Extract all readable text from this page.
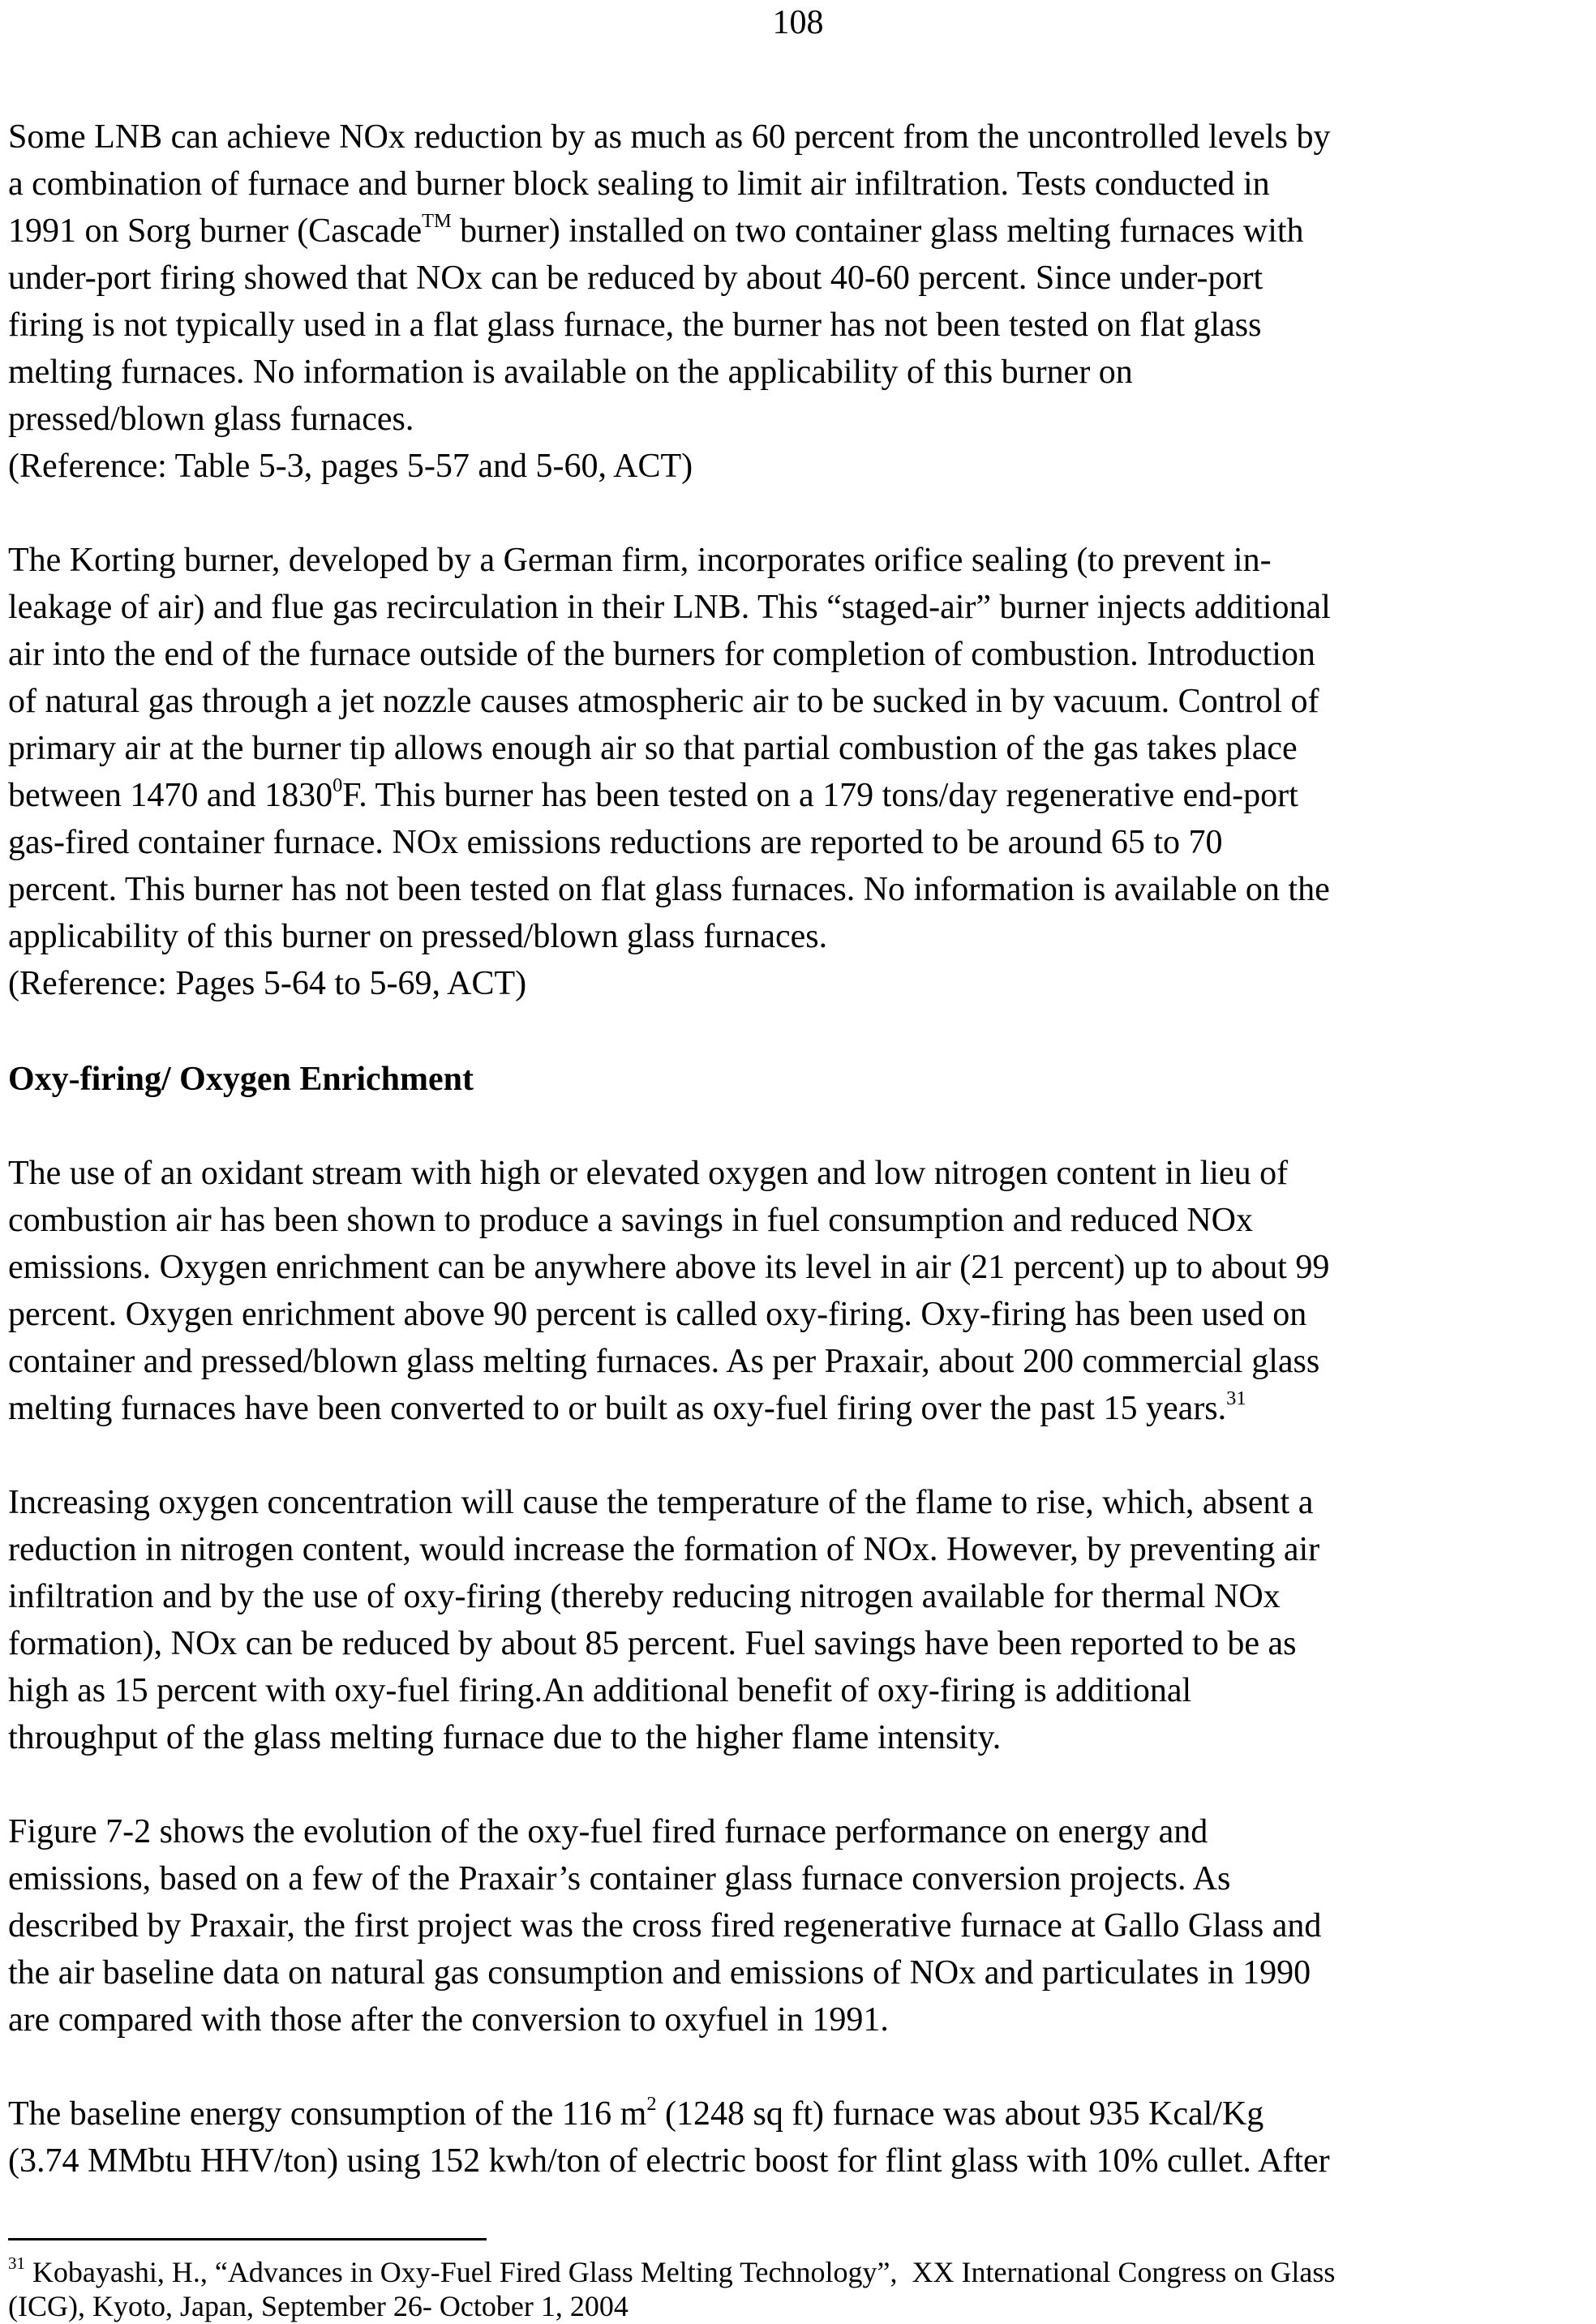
108
Some LNB can achieve NOx reduction by as much as 60 percent from the uncontrolled levels by
a combination of furnace and burner block sealing to limit air infiltration. Tests conducted in
1991 on Sorg burner (Cascade™ burner) installed on two container glass melting furnaces with
under-port firing showed that NOx can be reduced by about 40-60 percent. Since under-port
firing is not typically used in a flat glass furnace, the burner has not been tested on flat glass
melting furnaces. No information is available on the applicability of this burner on
pressed/blown glass furnaces.
(Reference: Table 5-3, pages 5-57 and 5-60, ACT)
The Korting burner, developed by a German firm, incorporates orifice sealing (to prevent in-
leakage of air) and flue gas recirculation in their LNB. This “staged-air” burner injects additional
air into the end of the furnace outside of the burners for completion of combustion. Introduction
of natural gas through a jet nozzle causes atmospheric air to be sucked in by vacuum. Control of
primary air at the burner tip allows enough air so that partial combustion of the gas takes place
between 1470 and 1830$^0$F. This burner has been tested on a 179 tons/day regenerative end-port
gas-fired container furnace. NOx emissions reductions are reported to be around 65 to 70
percent. This burner has not been tested on flat glass furnaces. No information is available on the
applicability of this burner on pressed/blown glass furnaces.
(Reference: Pages 5-64 to 5-69, ACT)
Oxy-firing/ Oxygen Enrichment
The use of an oxidant stream with high or elevated oxygen and low nitrogen content in lieu of
combustion air has been shown to produce a savings in fuel consumption and reduced NOx
emissions. Oxygen enrichment can be anywhere above its level in air (21 percent) up to about 99
percent. Oxygen enrichment above 90 percent is called oxy-firing. Oxy-firing has been used on
container and pressed/blown glass melting furnaces. As per Praxair, about 200 commercial glass
melting furnaces have been converted to or built as oxy-fuel firing over the past 15 years.$^{31}$
Increasing oxygen concentration will cause the temperature of the flame to rise, which, absent a
reduction in nitrogen content, would increase the formation of NOx. However, by preventing air
infiltration and by the use of oxy-firing (thereby reducing nitrogen available for thermal NOx
formation), NOx can be reduced by about 85 percent. Fuel savings have been reported to be as
high as 15 percent with oxy-fuel firing.An additional benefit of oxy-firing is additional
throughput of the glass melting furnace due to the higher flame intensity.
Figure 7-2 shows the evolution of the oxy-fuel fired furnace performance on energy and
emissions, based on a few of the Praxair’s container glass furnace conversion projects. As
described by Praxair, the first project was the cross fired regenerative furnace at Gallo Glass and
the air baseline data on natural gas consumption and emissions of NOx and particulates in 1990
are compared with those after the conversion to oxyfuel in 1991.
The baseline energy consumption of the 116 $m^2$ (1248 sq ft) furnace was about 935 Kcal/Kg
(3.74 MMbtu HHV/ton) using 152 kwh/ton of electric boost for flint glass with 10% cullet. After
$^{31}$ Kobayashi, H., “Advances in Oxy-Fuel Fired Glass Melting Technology”,  XX International Congress on Glass
(ICG), Kyoto, Japan, September 26- October 1, 2004
